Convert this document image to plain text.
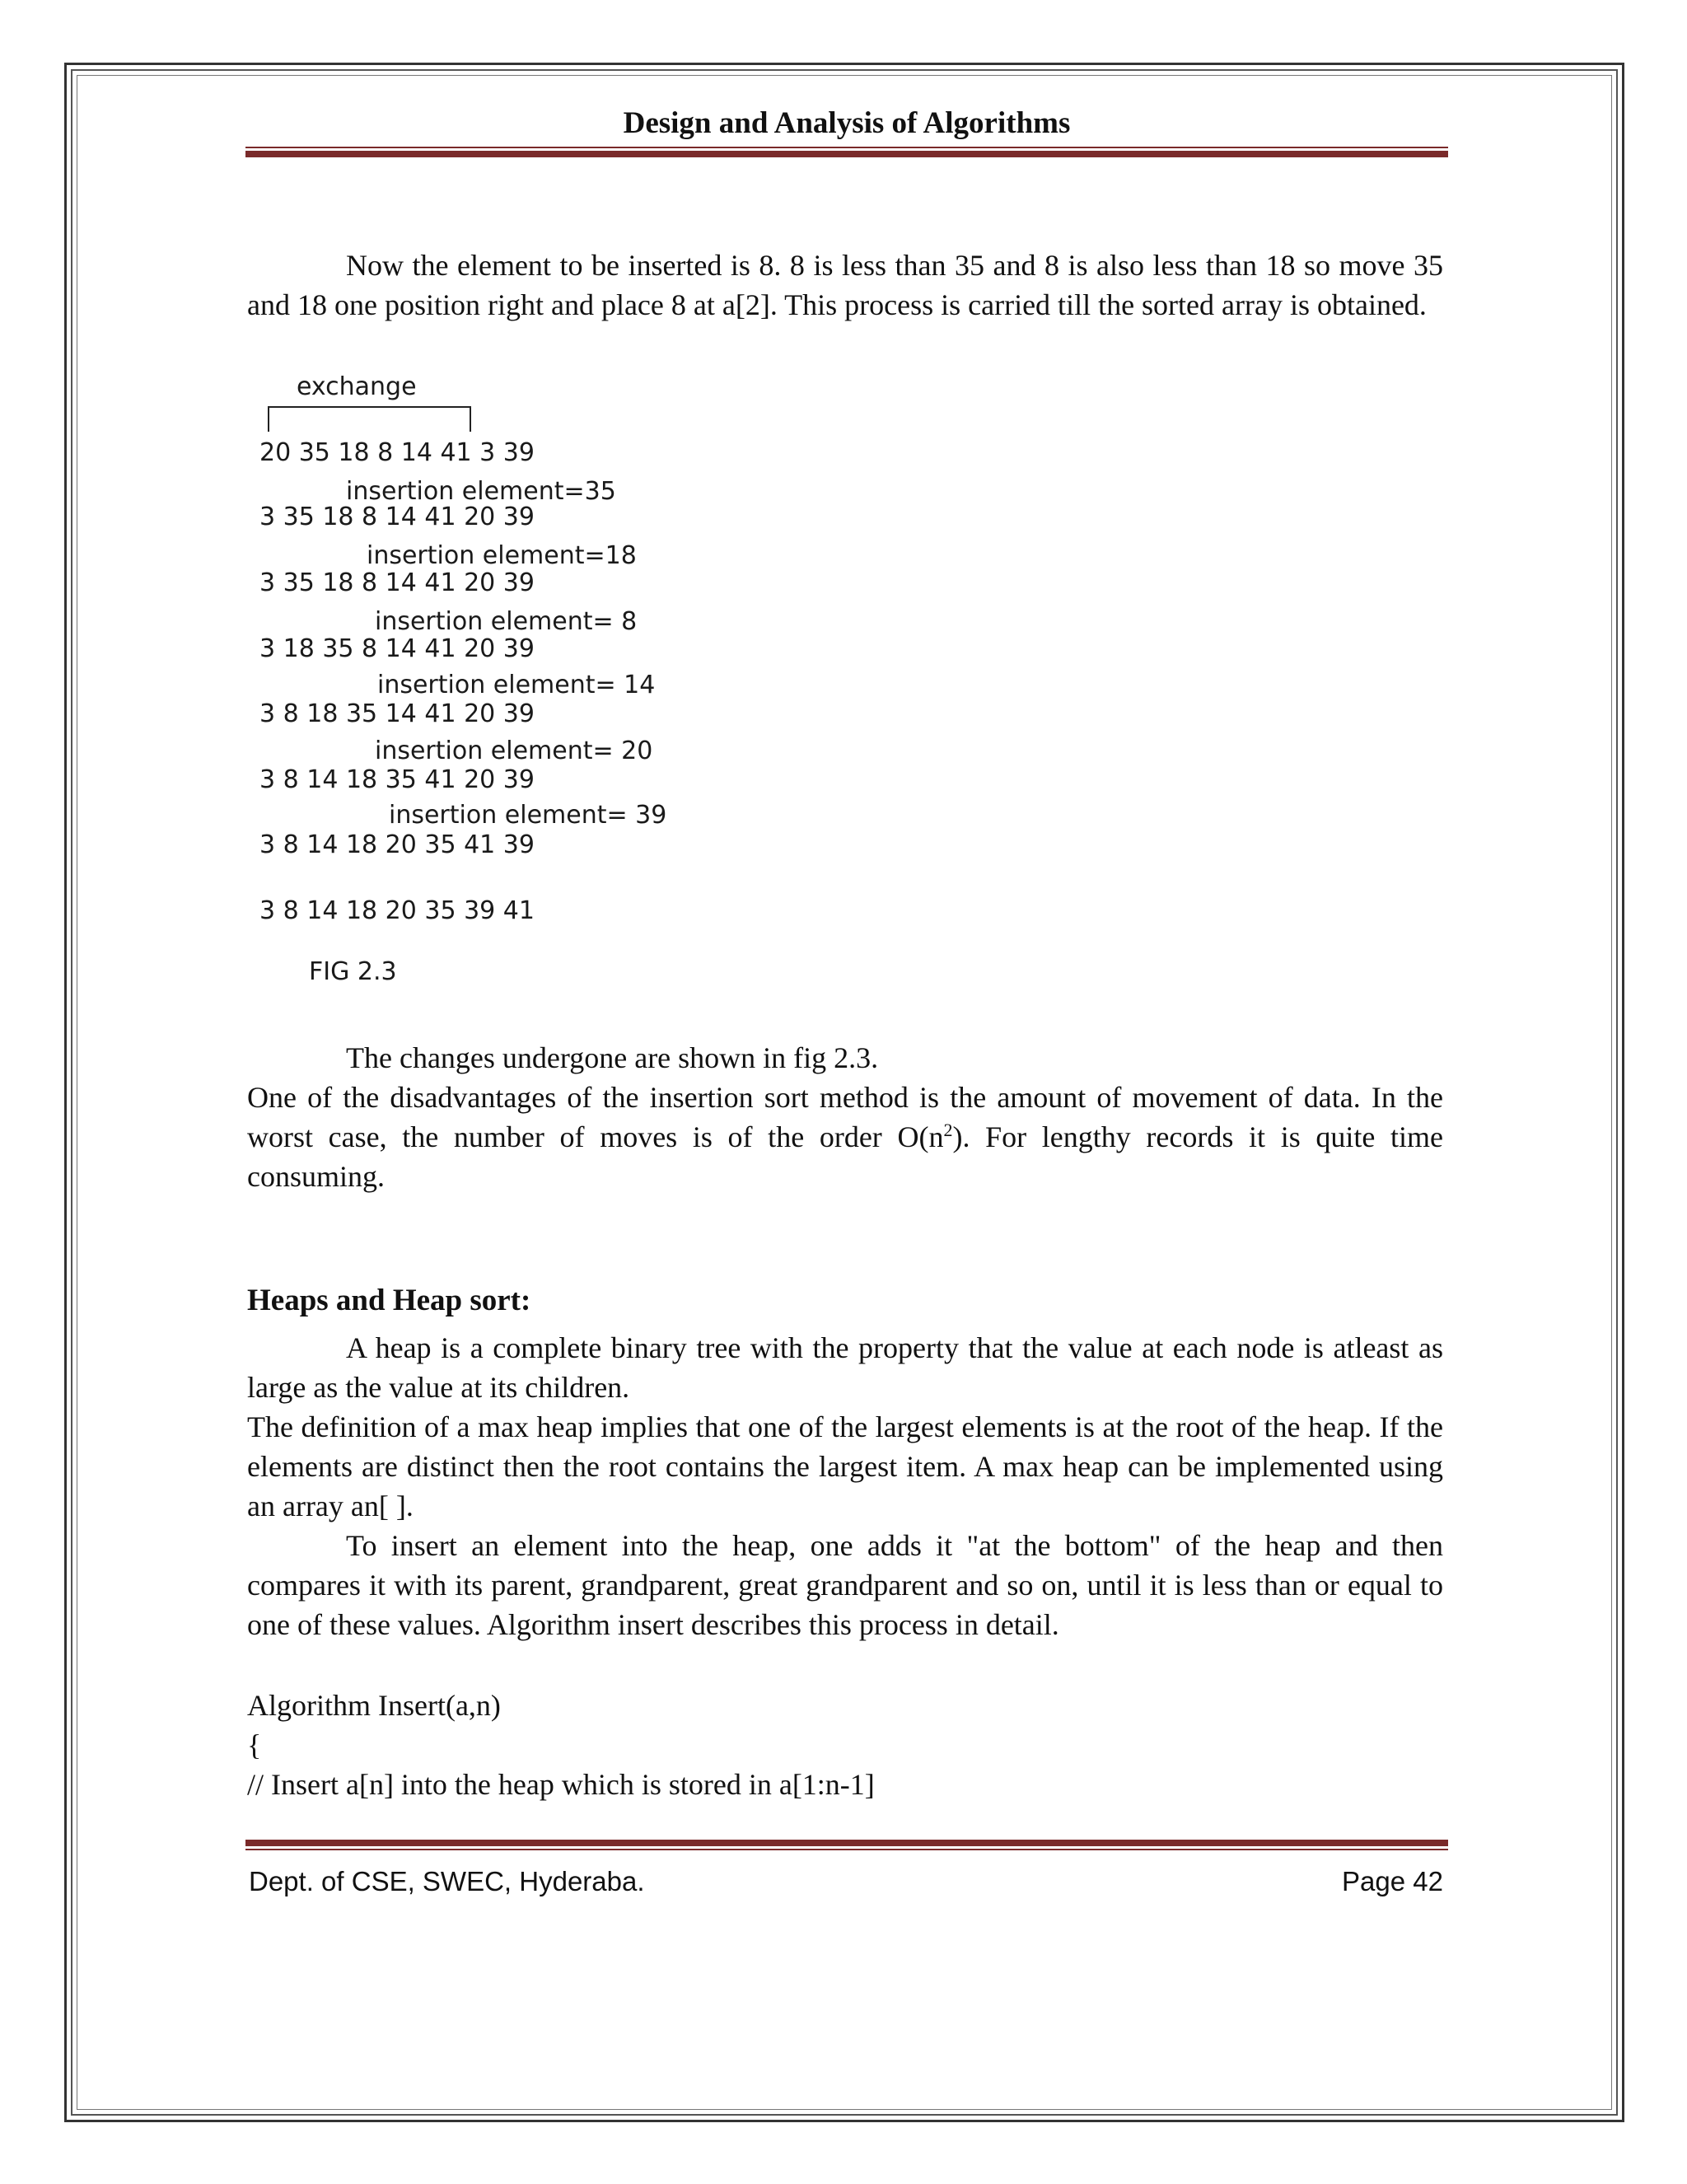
Design and Analysis of Algorithms

Now the element to be inserted is 8. 8 is less than 35 and 8 is also less than 18 so move 35 and 18 one position right and place 8 at a[2]. This process is carried till the sorted array is obtained.

exchange
20 35 18 8 14 41 3 39
insertion element=35
3 35 18 8 14 41 20 39
insertion element=18
3 35 18 8 14 41 20 39
insertion element= 8
3 18 35 8 14 41 20 39
insertion element= 14
3 8 18 35 14 41 20 39
insertion element= 20
3 8 14 18 35 41 20 39
insertion element= 39
3 8 14 18 20 35 41 39
3 8 14 18 20 35 39 41
FIG 2.3

The changes undergone are shown in fig 2.3.

One of the disadvantages of the insertion sort method is the amount of movement of data. In the worst case, the number of moves is of the order $O(n^2)$. For lengthy records it is quite time consuming.

Heaps and Heap sort:

A heap is a complete binary tree with the property that the value at each node is atleast as large as the value at its children.

The definition of a max heap implies that one of the largest elements is at the root of the heap. If the elements are distinct then the root contains the largest item. A max heap can be implemented using an array an[ ].

To insert an element into the heap, one adds it "at the bottom" of the heap and then compares it with its parent, grandparent, great grandparent and so on, until it is less than or equal to one of these values. Algorithm insert describes this process in detail.

Algorithm Insert(a,n)
{
// Insert a[n] into the heap which is stored in a[1:n-1]
Dept. of CSE, SWEC, Hyderaba.	Page 42
